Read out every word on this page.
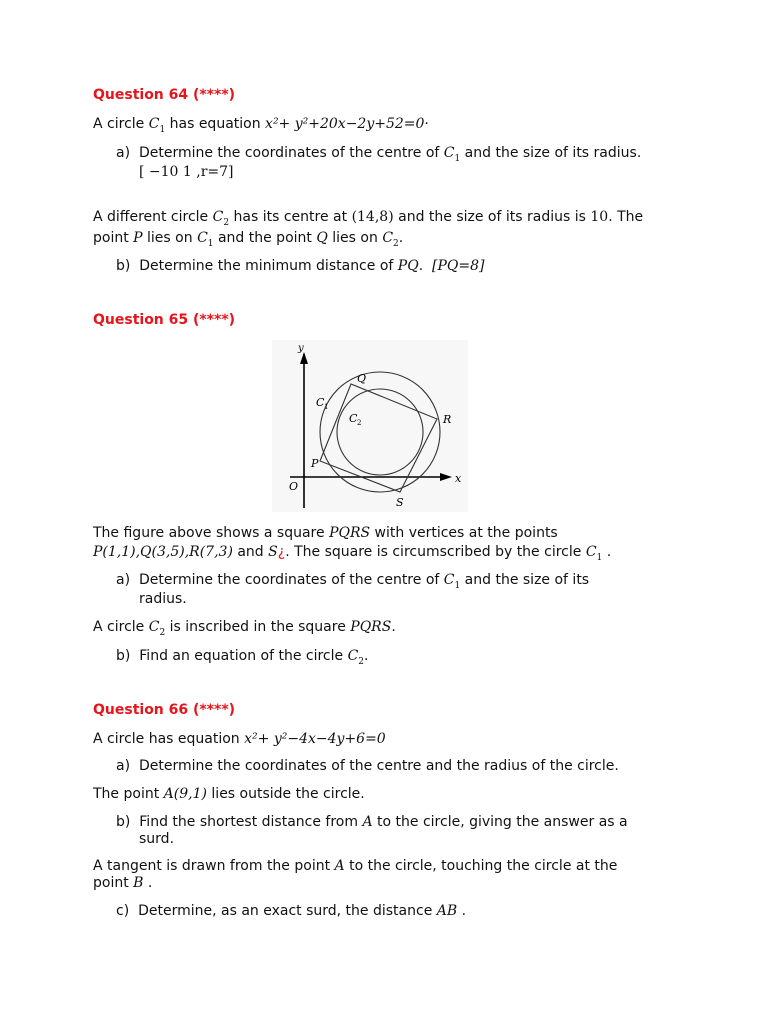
Question 64 (****)
A circle $C_1$ has equation x²+ y²+20x−2y+52=0·
a) Determine the coordinates of the centre of $C_1$ and the size of its radius.
[ −10 1 ,r=7]
A different circle $C_2$ has its centre at (14,8) and the size of its radius is 10. The
point P lies on $C_1$ and the point Q lies on $C_2$.
b) Determine the minimum distance of PQ.  [PQ=8]
Question 65 (****)
y
x
O
P
Q
R
S
C 1
C 2
The figure above shows a square PQRS with vertices at the points
P(1,1),Q(3,5),R(7,3) and S¿. The square is circumscribed by the circle $C_1$ .
a) Determine the coordinates of the centre of $C_1$ and the size of its
radius.
A circle $C_2$ is inscribed in the square PQRS.
b) Find an equation of the circle $C_2$.
Question 66 (****)
A circle has equation x²+ y²−4x−4y+6=0
a) Determine the coordinates of the centre and the radius of the circle.
The point A(9,1) lies outside the circle.
b) Find the shortest distance from A to the circle, giving the answer as a
surd.
A tangent is drawn from the point A to the circle, touching the circle at the
point B .
c) Determine, as an exact surd, the distance AB .
